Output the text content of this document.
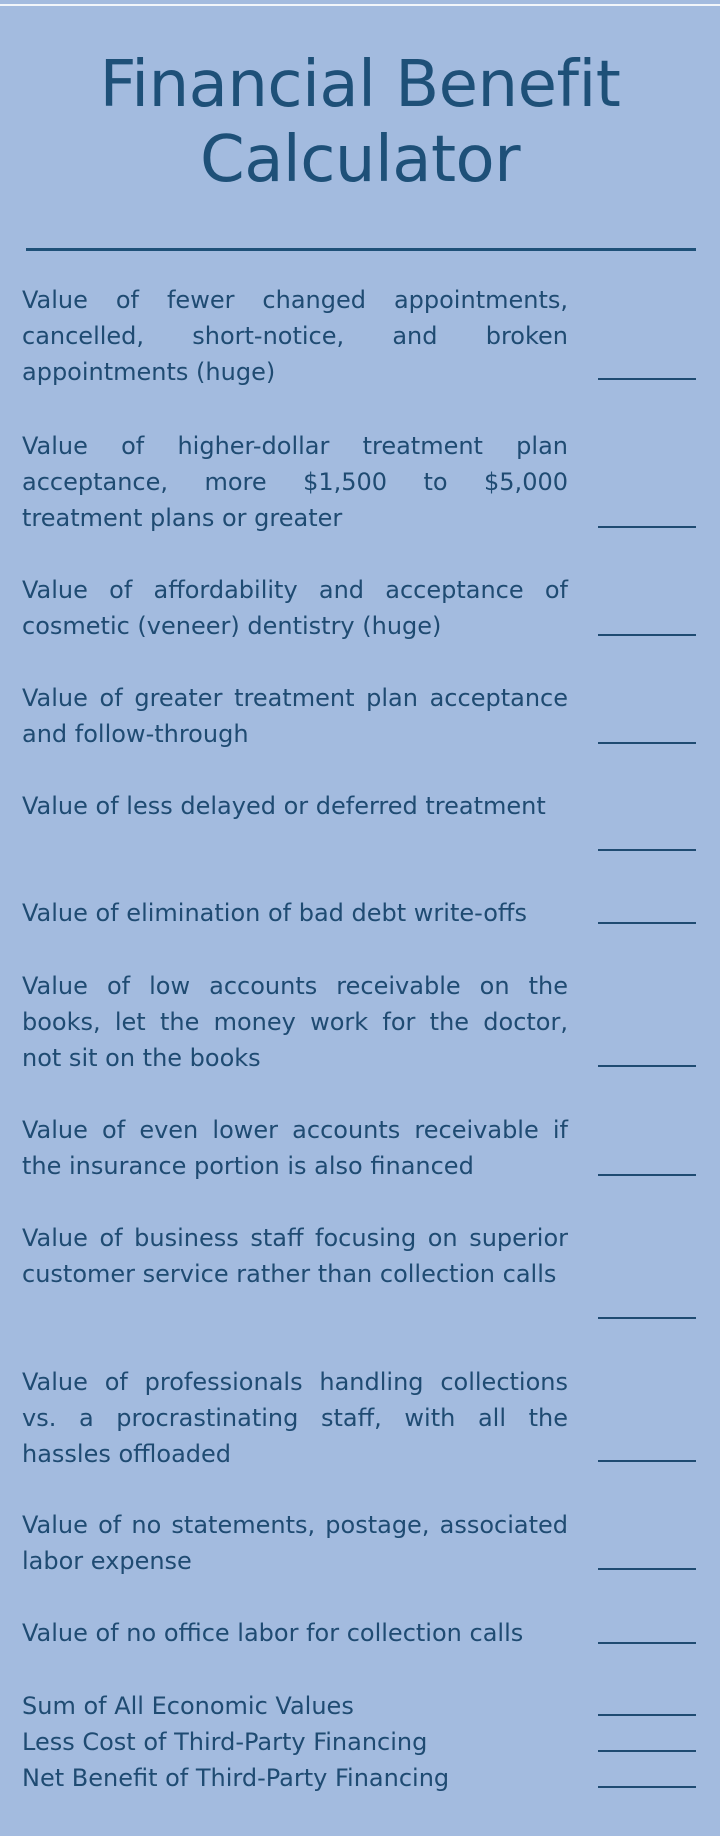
Financial Benefit
Calculator
Value of fewer changed appointments, cancelled, short-notice, and broken appointments (huge)
Value of higher-dollar treatment plan acceptance, more $1,500 to $5,000 treatment plans or greater
Value of affordability and acceptance of cosmetic (veneer) dentistry (huge)
Value of greater treatment plan acceptance and follow-through
Value of less delayed or deferred treatment
Value of elimination of bad debt write-offs
Value of low accounts receivable on the books, let the money work for the doctor, not sit on the books
Value of even lower accounts receivable if the insurance portion is also financed
Value of business staff focusing on superior customer service rather than collection calls
Value of professionals handling collections vs. a procrastinating staff, with all the hassles offloaded
Value of no statements, postage, associated labor expense
Value of no office labor for collection calls
Sum of All Economic Values
Less Cost of Third-Party Financing
Net Benefit of Third-Party Financing
